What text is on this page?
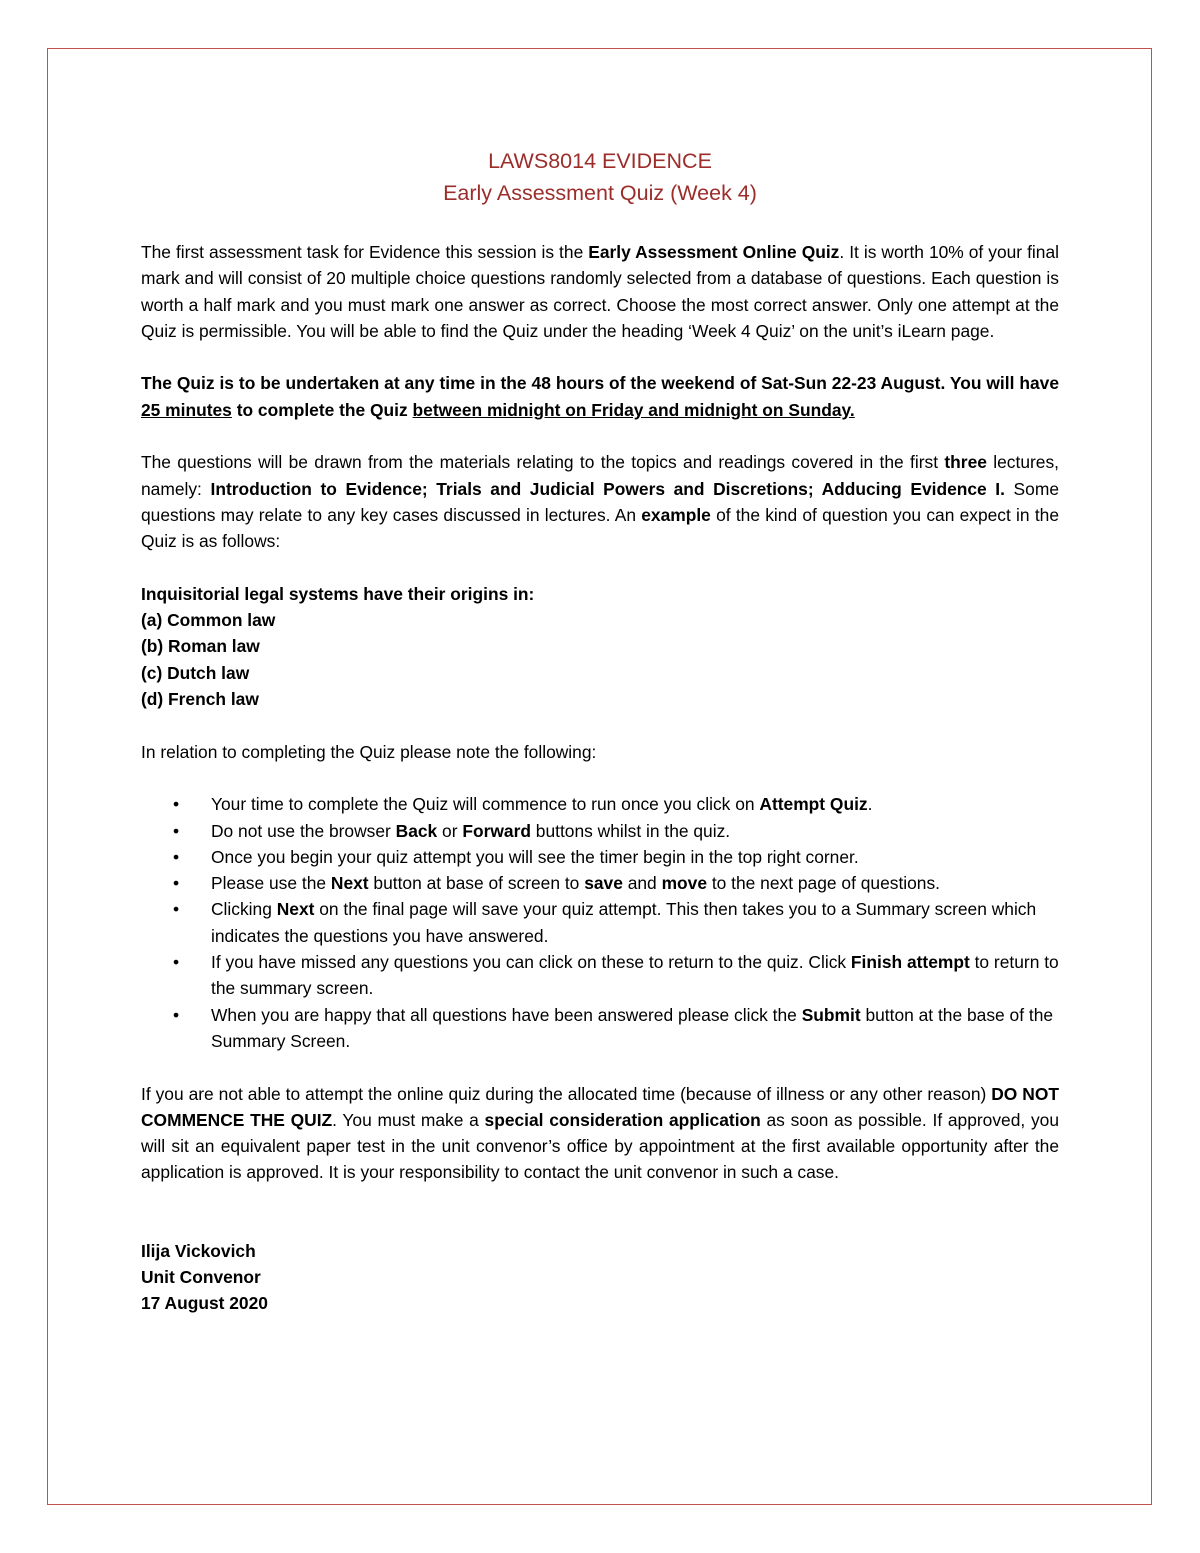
LAWS8014 EVIDENCE
Early Assessment Quiz (Week 4)

The first assessment task for Evidence this session is the Early Assessment Online Quiz. It is worth 10% of your final mark and will consist of 20 multiple choice questions randomly selected from a database of questions. Each question is worth a half mark and you must mark one answer as correct. Choose the most correct answer. Only one attempt at the Quiz is permissible. You will be able to find the Quiz under the heading ‘Week 4 Quiz’ on the unit’s iLearn page.

The Quiz is to be undertaken at any time in the 48 hours of the weekend of Sat-Sun 22-23 August. You will have 25 minutes to complete the Quiz between midnight on Friday and midnight on Sunday.

The questions will be drawn from the materials relating to the topics and readings covered in the first three lectures, namely: Introduction to Evidence; Trials and Judicial Powers and Discretions; Adducing Evidence I. Some questions may relate to any key cases discussed in lectures. An example of the kind of question you can expect in the Quiz is as follows:

Inquisitorial legal systems have their origins in:
(a) Common law
(b) Roman law
(c) Dutch law
(d) French law

In relation to completing the Quiz please note the following:

• Your time to complete the Quiz will commence to run once you click on Attempt Quiz.
• Do not use the browser Back or Forward buttons whilst in the quiz.
• Once you begin your quiz attempt you will see the timer begin in the top right corner.
• Please use the Next button at base of screen to save and move to the next page of questions.
• Clicking Next on the final page will save your quiz attempt. This then takes you to a Summary screen which indicates the questions you have answered.
• If you have missed any questions you can click on these to return to the quiz. Click Finish attempt to return to the summary screen.
• When you are happy that all questions have been answered please click the Submit button at the base of the Summary Screen.

If you are not able to attempt the online quiz during the allocated time (because of illness or any other reason) DO NOT COMMENCE THE QUIZ. You must make a special consideration application as soon as possible. If approved, you will sit an equivalent paper test in the unit convenor’s office by appointment at the first available opportunity after the application is approved. It is your responsibility to contact the unit convenor in such a case.

Ilija Vickovich
Unit Convenor
17 August 2020
